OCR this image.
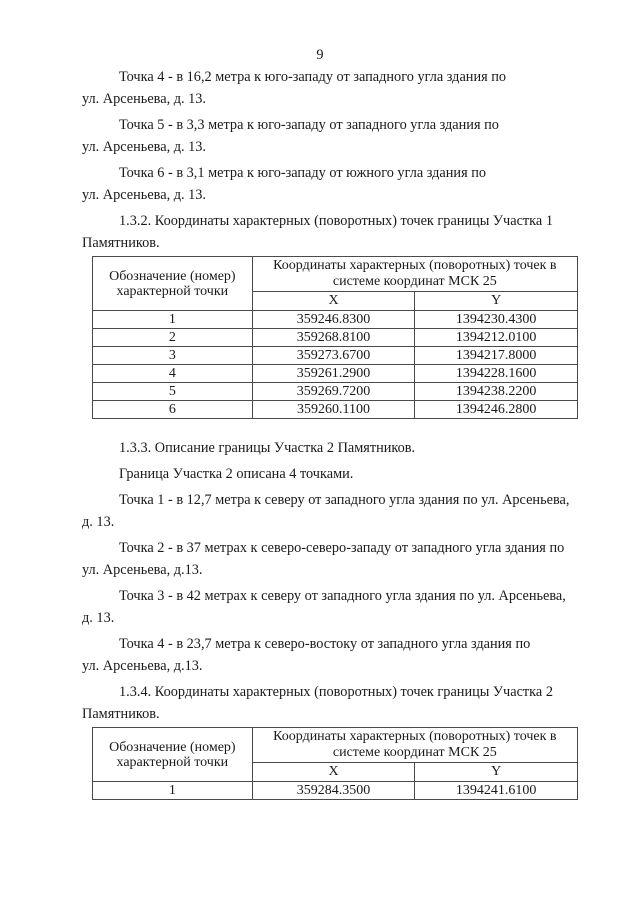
9

Точка 4 - в 16,2 метра к юго-западу от западного угла здания по
ул. Арсеньева, д. 13.

Точка 5 - в 3,3 метра к юго-западу от западного угла здания по
ул. Арсеньева, д. 13.

Точка 6 - в 3,1 метра к юго-западу от южного угла здания по
ул. Арсеньева, д. 13.

1.3.2. Координаты характерных (поворотных) точек границы Участка 1
Памятников.

Обозначение (номер) характерной точки	Координаты характерных (поворотных) точек в системе координат МСК 25	
	X	Y
1	359246.8300	1394230.4300
2	359268.8100	1394212.0100
3	359273.6700	1394217.8000
4	359261.2900	1394228.1600
5	359269.7200	1394238.2200
6	359260.1100	1394246.2800

1.3.3. Описание границы Участка 2 Памятников.

Граница Участка 2 описана 4 точками.

Точка 1 - в 12,7 метра к северу от западного угла здания по ул. Арсеньева,
д. 13.

Точка 2 - в 37 метрах к северо-северо-западу от западного угла здания по
ул. Арсеньева, д.13.

Точка 3 - в 42 метрах к северу от западного угла здания по ул. Арсеньева,
д. 13.

Точка 4 - в 23,7 метра к северо-востоку от западного угла здания по
ул. Арсеньева, д.13.

1.3.4. Координаты характерных (поворотных) точек границы Участка 2
Памятников.

Обозначение (номер) характерной точки	Координаты характерных (поворотных) точек в системе координат МСК 25	
	X	Y
1	359284.3500	1394241.6100
